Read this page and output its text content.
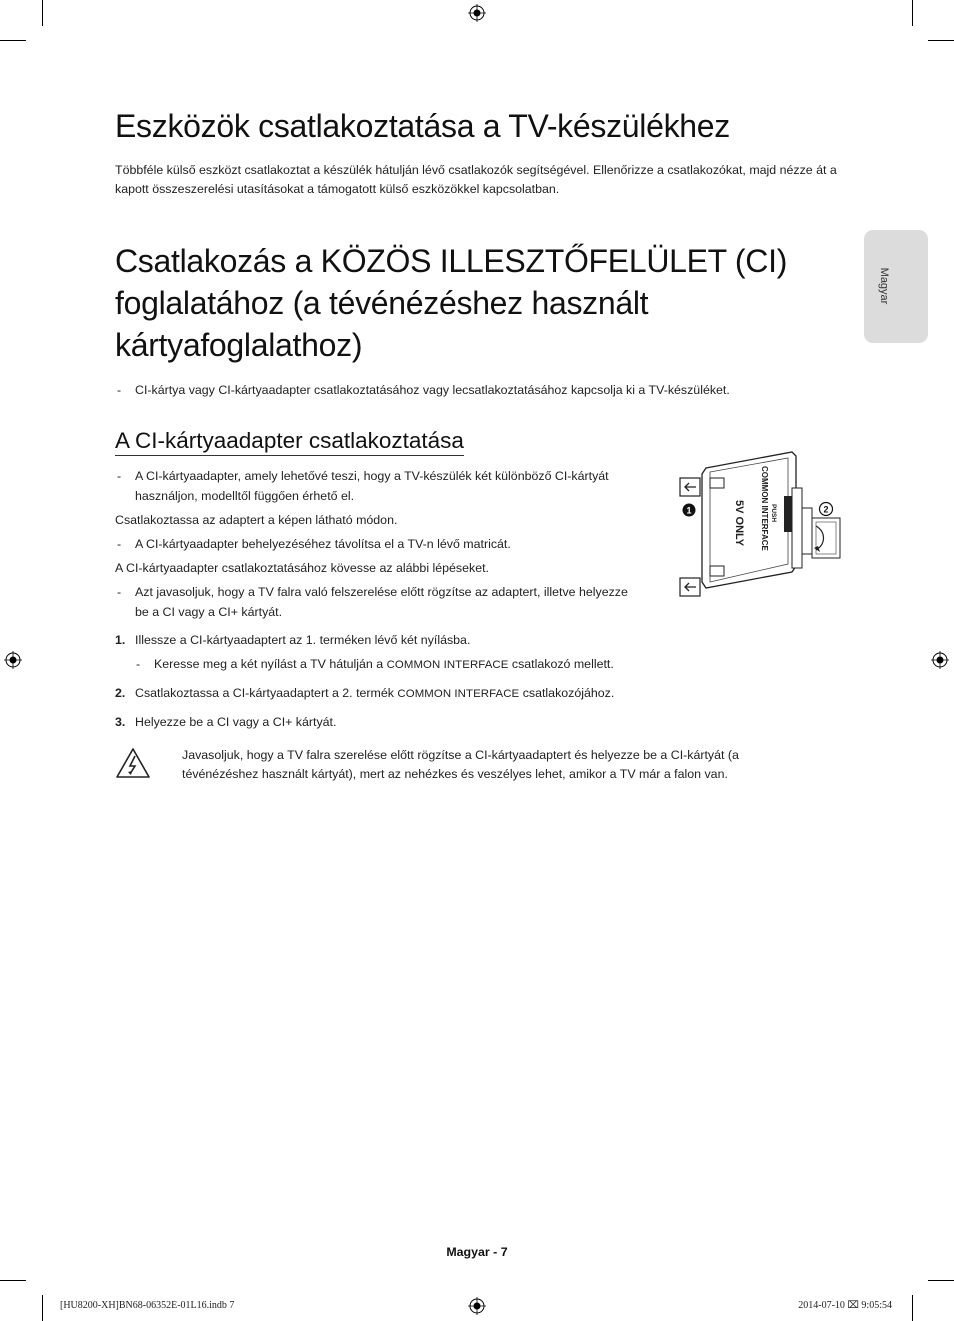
Magyar
Eszközök csatlakoztatása a TV-készülékhez

Többféle külső eszközt csatlakoztat a készülék hátulján lévő csatlakozók segítségével. Ellenőrizze a csatlakozókat, majd nézze át a kapott összeszerelési utasításokat a támogatott külső eszközökkel kapcsolatban.

Csatlakozás a KÖZÖS ILLESZTŐFELÜLET (CI) foglalatához (a tévénézéshez használt kártyafoglalathoz)
- CI-kártya vagy CI-kártyaadapter csatlakoztatásához vagy lecsatlakoztatásához kapcsolja ki a TV-készüléket.
A CI-kártyaadapter csatlakoztatása
- A CI-kártyaadapter, amely lehetővé teszi, hogy a TV-készülék két különböző CI-kártyát
használjon, modelltől függően érhető el.
Csatlakoztassa az adaptert a képen látható módon.
- A CI-kártyaadapter behelyezéséhez távolítsa el a TV-n lévő matricát.
A CI-kártyaadapter csatlakoztatásához kövesse az alábbi lépéseket.
- Azt javasoljuk, hogy a TV falra való felszerelése előtt rögzítse az adaptert, illetve helyezze
be a CI vagy a CI+ kártyát.
1. Illessze a CI-kártyaadaptert az 1. terméken lévő két nyílásba.
- Keresse meg a két nyílást a TV hátulján a COMMON INTERFACE csatlakozó mellett.
2. Csatlakoztassa a CI-kártyaadaptert a 2. termék COMMON INTERFACE csatlakozójához.
3. Helyezze be a CI vagy a CI+ kártyát.
Javasoljuk, hogy a TV falra szerelése előtt rögzítse a CI-kártyaadaptert és helyezze be a CI-kártyát (a tévénézéshez használt kártyát), mert az nehézkes és veszélyes lehet, amikor a TV már a falon van.
COMMON INTERFACE
5V ONLY	PUSH
1	2
Magyar - 7
[HU8200-XH]BN68-06352E-01L16.indb 7	2014-07-10 ⌧ 9:05:54
